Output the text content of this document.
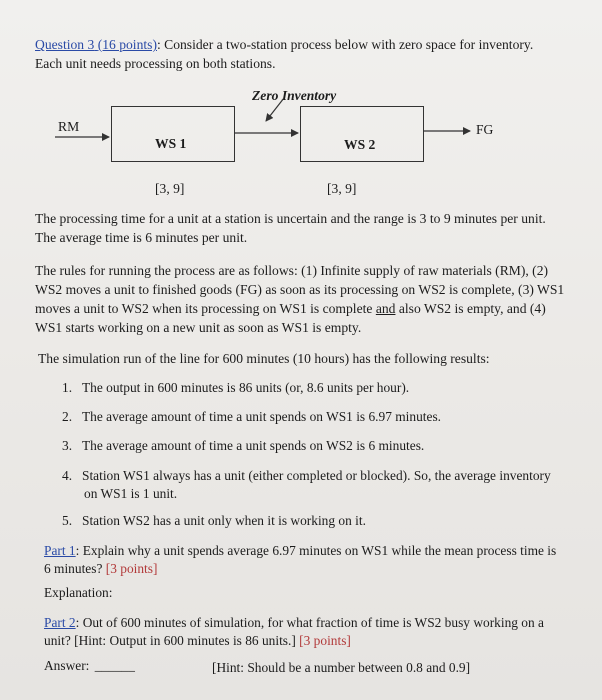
Question 3 (16 points): Consider a two-station process below with zero space for inventory.
Each unit needs processing on both stations.
Zero Inventory
RM	FG
WS 1	WS 2
[3, 9]	[3, 9]
The processing time for a unit at a station is uncertain and the range is 3 to 9 minutes per unit.
The average time is 6 minutes per unit.
The rules for running the process are as follows: (1) Infinite supply of raw materials (RM), (2)
WS2 moves a unit to finished goods (FG) as soon as its processing on WS2 is complete, (3) WS1
moves a unit to WS2 when its processing on WS1 is complete and also WS2 is empty, and (4)
WS1 starts working on a new unit as soon as WS1 is empty.
The simulation run of the line for 600 minutes (10 hours) has the following results:
1. The output in 600 minutes is 86 units (or, 8.6 units per hour).
2. The average amount of time a unit spends on WS1 is 6.97 minutes.
3. The average amount of time a unit spends on WS2 is 6 minutes.
4. Station WS1 always has a unit (either completed or blocked). So, the average inventory
on WS1 is 1 unit.
5. Station WS2 has a unit only when it is working on it.
Part 1: Explain why a unit spends average 6.97 minutes on WS1 while the mean process time is
6 minutes? [3 points]
Explanation:
Part 2: Out of 600 minutes of simulation, for what fraction of time is WS2 busy working on a
unit? [Hint: Output in 600 minutes is 86 units.] [3 points]
Answer: ______	[Hint: Should be a number between 0.8 and 0.9]
